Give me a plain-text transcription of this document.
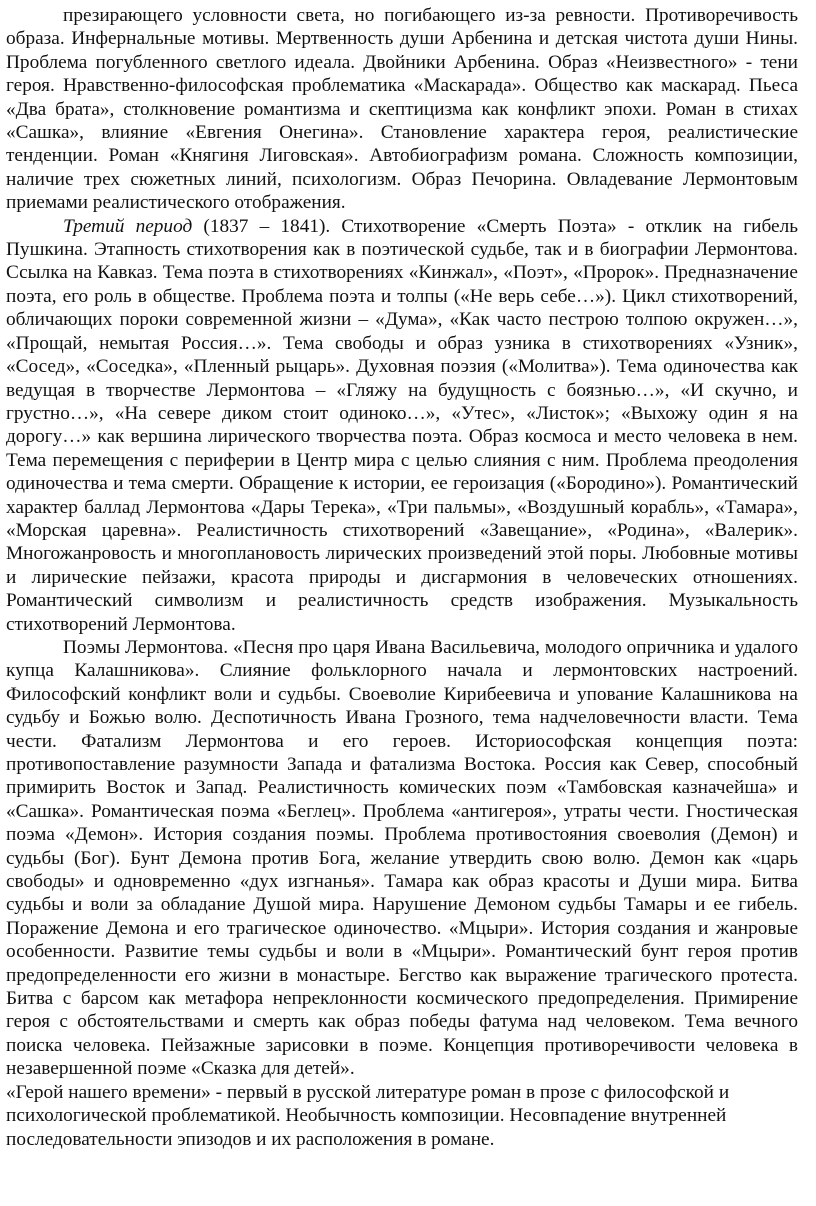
презирающего условности света, но погибающего из-за ревности. Противоречивость образа. Инфернальные мотивы. Мертвенность души Арбенина и детская чистота души Нины. Проблема погубленного светлого идеала. Двойники Арбенина. Образ «Неизвестного» - тени героя. Нравственно-философская проблематика «Маскарада». Общество как маскарад. Пьеса «Два брата», столкновение романтизма и скептицизма как конфликт эпохи. Роман в стихах «Сашка», влияние «Евгения Онегина». Становление характера героя, реалистические тенденции. Роман «Княгиня Лиговская». Автобиографизм романа. Сложность композиции, наличие трех сюжетных линий, психологизм. Образ Печорина. Овладевание Лермонтовым приемами реалистического отображения.

Третий период (1837 – 1841). Стихотворение «Смерть Поэта» - отклик на гибель Пушкина. Этапность стихотворения как в поэтической судьбе, так и в биографии Лермонтова. Ссылка на Кавказ. Тема поэта в стихотворениях «Кинжал», «Поэт», «Пророк». Предназначение поэта, его роль в обществе. Проблема поэта и толпы («Не верь себе…»). Цикл стихотворений, обличающих пороки современной жизни – «Дума», «Как часто пестрою толпою окружен…», «Прощай, немытая Россия…». Тема свободы и образ узника в стихотворениях «Узник», «Сосед», «Соседка», «Пленный рыцарь». Духовная поэзия («Молитва»). Тема одиночества как ведущая в творчестве Лермонтова – «Гляжу на будущность с боязнью…», «И скучно, и грустно…», «На севере диком стоит одиноко…», «Утес», «Листок»; «Выхожу один я на дорогу…» как вершина лирического творчества поэта. Образ космоса и место человека в нем. Тема перемещения с периферии в Центр мира с целью слияния с ним. Проблема преодоления одиночества и тема смерти. Обращение к истории, ее героизация («Бородино»). Романтический характер баллад Лермонтова «Дары Терека», «Три пальмы», «Воздушный корабль», «Тамара», «Морская царевна». Реалистичность стихотворений «Завещание», «Родина», «Валерик». Многожанровость и многоплановость лирических произведений этой поры. Любовные мотивы и лирические пейзажи, красота природы и дисгармония в человеческих отношениях. Романтический символизм и реалистичность средств изображения. Музыкальность стихотворений Лермонтова.

Поэмы Лермонтова. «Песня про царя Ивана Васильевича, молодого опричника и удалого купца Калашникова». Слияние фольклорного начала и лермонтовских настроений. Философский конфликт воли и судьбы. Своеволие Кирибеевича и упование Калашникова на судьбу и Божью волю. Деспотичность Ивана Грозного, тема надчеловечности власти. Тема чести. Фатализм Лермонтова и его героев. Историософская концепция поэта: противопоставление разумности Запада и фатализма Востока. Россия как Север, способный примирить Восток и Запад. Реалистичность комических поэм «Тамбовская казначейша» и «Сашка». Романтическая поэма «Беглец». Проблема «антигероя», утраты чести. Гностическая поэма «Демон». История создания поэмы. Проблема противостояния своеволия (Демон) и судьбы (Бог). Бунт Демона против Бога, желание утвердить свою волю. Демон как «царь свободы» и одновременно «дух изгнанья». Тамара как образ красоты и Души мира. Битва судьбы и воли за обладание Душой мира. Нарушение Демоном судьбы Тамары и ее гибель. Поражение Демона и его трагическое одиночество. «Мцыри». История создания и жанровые особенности. Развитие темы судьбы и воли в «Мцыри». Романтический бунт героя против предопределенности его жизни в монастыре. Бегство как выражение трагического протеста. Битва с барсом как метафора непреклонности космического предопределения. Примирение героя с обстоятельствами и смерть как образ победы фатума над человеком. Тема вечного поиска человека. Пейзажные зарисовки в поэме. Концепция противоречивости человека в незавершенной поэме «Сказка для детей».

«Герой нашего времени» - первый в русской литературе роман в прозе с философской и психологической проблематикой. Необычность композиции. Несовпадение внутренней последовательности эпизодов и их расположения в романе.
